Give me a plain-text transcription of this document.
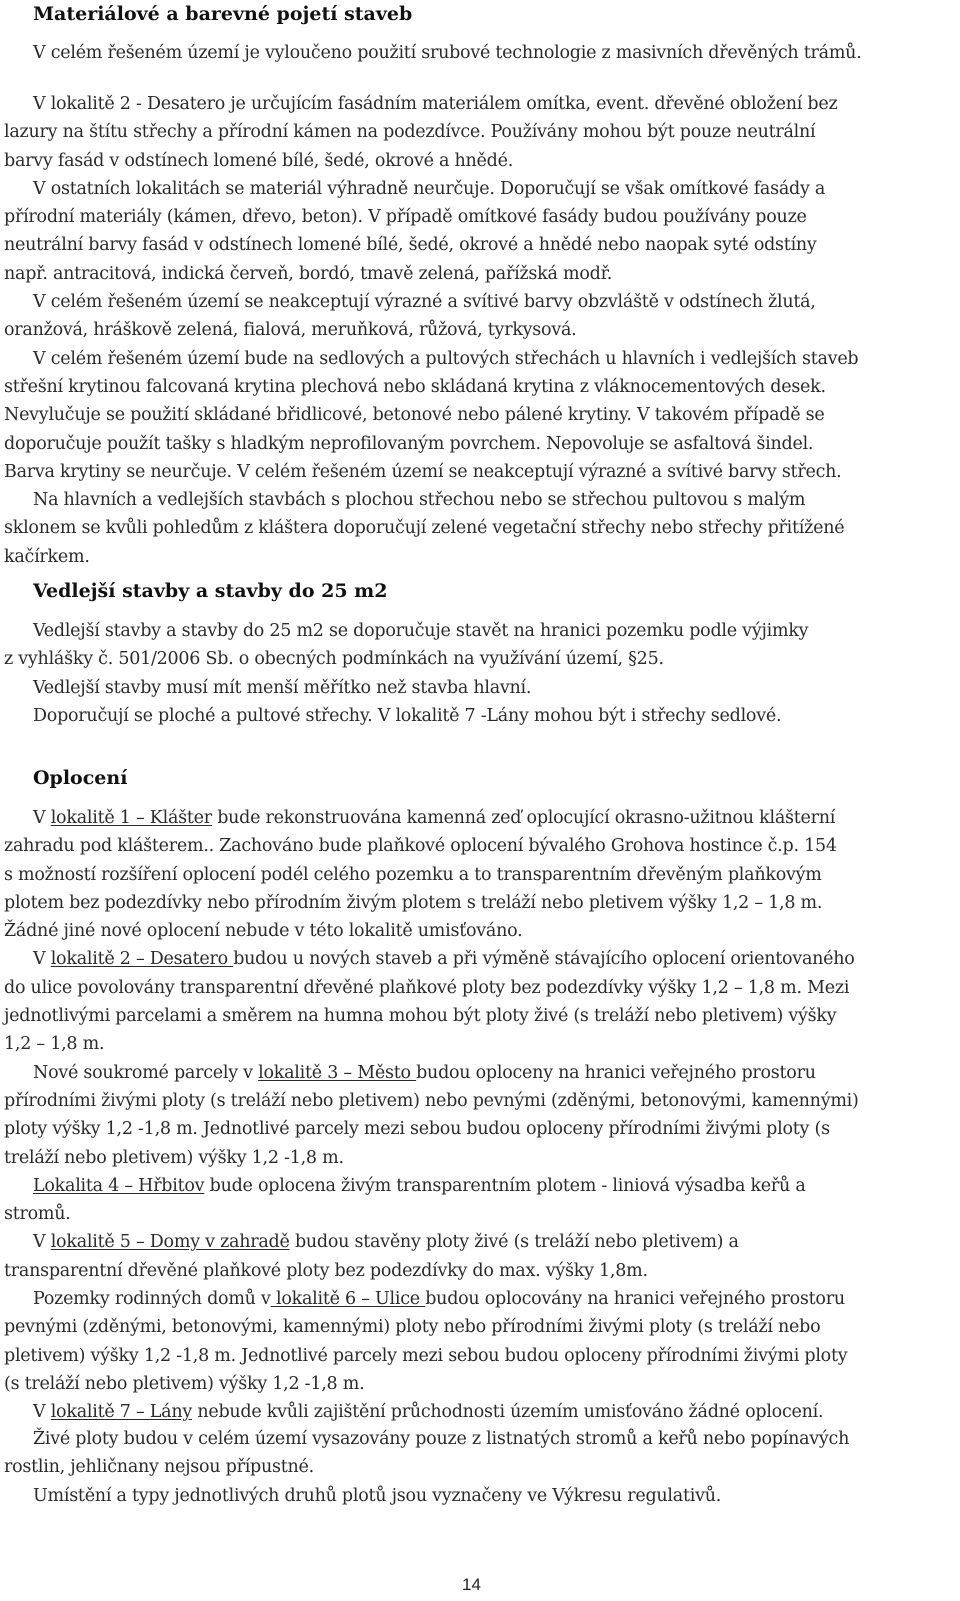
Materiálové a barevné pojetí staveb
V celém řešeném území je vyloučeno použití srubové technologie z masivních dřevěných trámů.
V lokalitě 2 - Desatero je určujícím fasádním materiálem omítka, event. dřevěné obložení bez
lazury na štítu střechy a přírodní kámen na podezdívce. Používány mohou být pouze neutrální
barvy fasád v odstínech lomené bílé, šedé, okrové a hnědé.
V ostatních lokalitách se materiál výhradně neurčuje. Doporučují se však omítkové fasády a
přírodní materiály (kámen, dřevo, beton). V případě omítkové fasády budou používány pouze
neutrální barvy fasád v odstínech lomené bílé, šedé, okrové a hnědé nebo naopak syté odstíny
např. antracitová, indická červeň, bordó, tmavě zelená, pařížská modř.
V celém řešeném území se neakceptují výrazné a svítivé barvy obzvláště v odstínech žlutá,
oranžová, hráškově zelená, fialová, meruňková, růžová, tyrkysová.
V celém řešeném území bude na sedlových a pultových střechách u hlavních i vedlejších staveb
střešní krytinou falcovaná krytina plechová nebo skládaná krytina z vláknocementových desek.
Nevylučuje se použití skládané břidlicové, betonové nebo pálené krytiny. V takovém případě se
doporučuje použít tašky s hladkým neprofilovaným povrchem. Nepovoluje se asfaltová šindel.
Barva krytiny se neurčuje. V celém řešeném území se neakceptují výrazné a svítivé barvy střech.
Na hlavních a vedlejších stavbách s plochou střechou nebo se střechou pultovou s malým
sklonem se kvůli pohledům z kláštera doporučují zelené vegetační střechy nebo střechy přitížené
kačírkem.
Vedlejší stavby a stavby do 25 m2
Vedlejší stavby a stavby do 25 m2 se doporučuje stavět na hranici pozemku podle výjimky
z vyhlášky č. 501/2006 Sb. o obecných podmínkách na využívání území, §25.
Vedlejší stavby musí mít menší měřítko než stavba hlavní.
Doporučují se ploché a pultové střechy. V lokalitě 7 -Lány mohou být i střechy sedlové.
Oplocení
V lokalitě 1 – Klášter bude rekonstruována kamenná zeď oplocující okrasno-užitnou klášterní
zahradu pod klášterem.. Zachováno bude plaňkové oplocení bývalého Grohova hostince č.p. 154
s možností rozšíření oplocení podél celého pozemku a to transparentním dřevěným plaňkovým
plotem bez podezdívky nebo přírodním živým plotem s treláží nebo pletivem výšky 1,2 – 1,8 m.
Žádné jiné nové oplocení nebude v této lokalitě umisťováno.
V lokalitě 2 – Desatero budou u nových staveb a při výměně stávajícího oplocení orientovaného
do ulice povolovány transparentní dřevěné plaňkové ploty bez podezdívky výšky 1,2 – 1,8 m. Mezi
jednotlivými parcelami a směrem na humna mohou být ploty živé (s treláží nebo pletivem) výšky
1,2 – 1,8 m.
Nové soukromé parcely v lokalitě 3 – Město budou oploceny na hranici veřejného prostoru
přírodními živými ploty (s treláží nebo pletivem) nebo pevnými (zděnými, betonovými, kamennými)
ploty výšky 1,2 -1,8 m. Jednotlivé parcely mezi sebou budou oploceny přírodními živými ploty (s
treláží nebo pletivem) výšky 1,2 -1,8 m.
Lokalita 4 – Hřbitov bude oplocena živým transparentním plotem - liniová výsadba keřů a
stromů.
V lokalitě 5 – Domy v zahradě budou stavěny ploty živé (s treláží nebo pletivem) a
transparentní dřevěné plaňkové ploty bez podezdívky do max. výšky 1,8m.
Pozemky rodinných domů v lokalitě 6 – Ulice budou oplocovány na hranici veřejného prostoru
pevnými (zděnými, betonovými, kamennými) ploty nebo přírodními živými ploty (s treláží nebo
pletivem) výšky 1,2 -1,8 m. Jednotlivé parcely mezi sebou budou oploceny přírodními živými ploty
(s treláží nebo pletivem) výšky 1,2 -1,8 m.
V lokalitě 7 – Lány nebude kvůli zajištění průchodnosti územím umisťováno žádné oplocení.
Živé ploty budou v celém území vysazovány pouze z listnatých stromů a keřů nebo popínavých
rostlin, jehličnany nejsou přípustné.
Umístění a typy jednotlivých druhů plotů jsou vyznačeny ve Výkresu regulativů.
14
